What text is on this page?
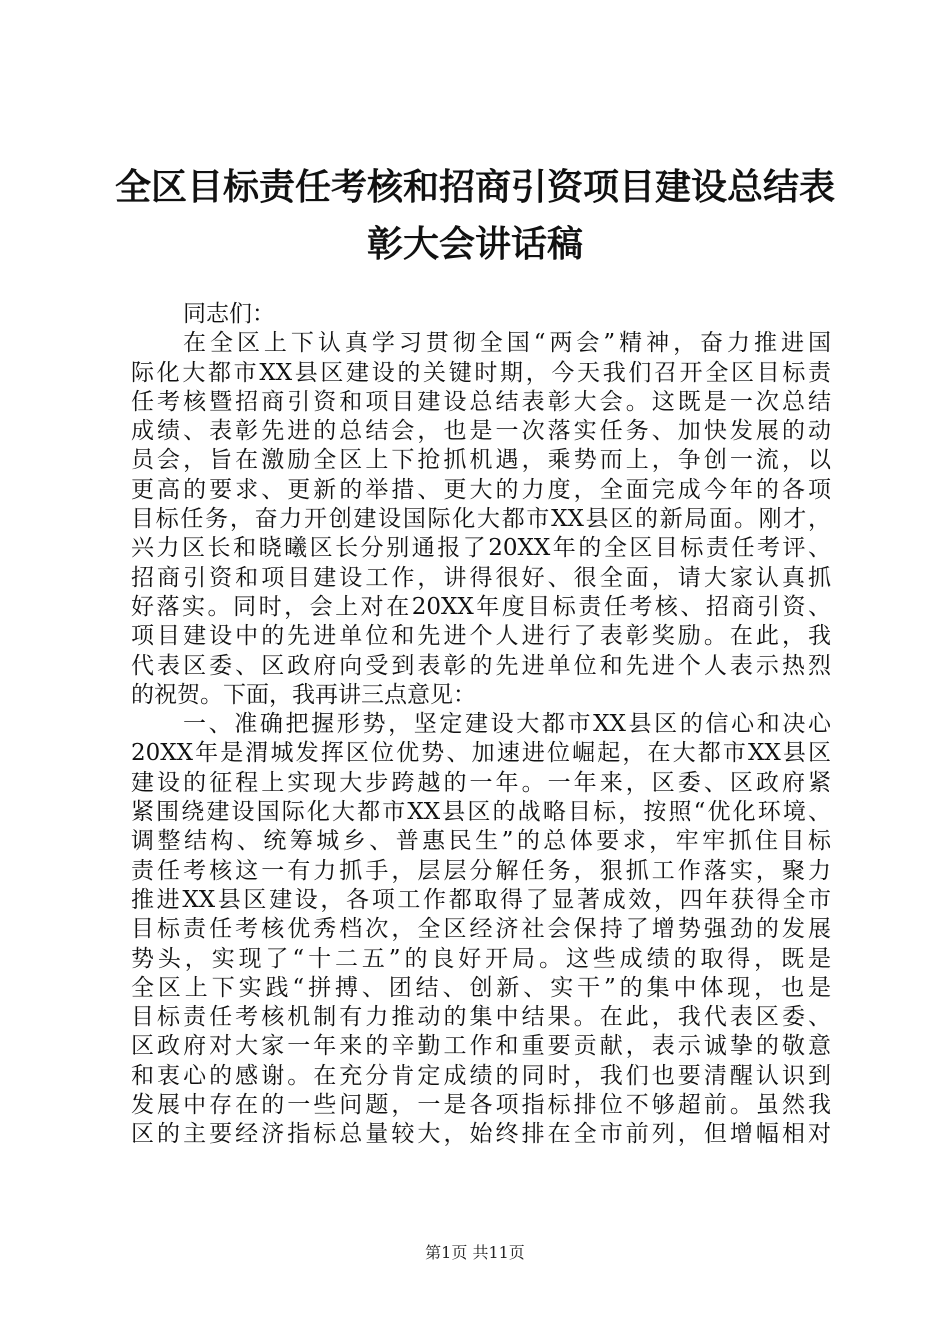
全区目标责任考核和招商引资项目建设总结表
彰大会讲话稿
同志们：
在全区上下认真学习贯彻全国“两会”精神，奋力推进国
际化大都市XX县区建设的关键时期，今天我们召开全区目标责
任考核暨招商引资和项目建设总结表彰大会。这既是一次总结
成绩、表彰先进的总结会，也是一次落实任务、加快发展的动
员会，旨在激励全区上下抢抓机遇，乘势而上，争创一流，以
更高的要求、更新的举措、更大的力度，全面完成今年的各项
目标任务，奋力开创建设国际化大都市XX县区的新局面。刚才，
兴力区长和晓曦区长分别通报了20XX年的全区目标责任考评、
招商引资和项目建设工作，讲得很好、很全面，请大家认真抓
好落实。同时，会上对在20XX年度目标责任考核、招商引资、
项目建设中的先进单位和先进个人进行了表彰奖励。在此，我
代表区委、区政府向受到表彰的先进单位和先进个人表示热烈
的祝贺。下面，我再讲三点意见：
一、准确把握形势，坚定建设大都市XX县区的信心和决心
20XX年是渭城发挥区位优势、加速进位崛起，在大都市XX县区
建设的征程上实现大步跨越的一年。一年来，区委、区政府紧
紧围绕建设国际化大都市XX县区的战略目标，按照“优化环境、
调整结构、统筹城乡、普惠民生”的总体要求，牢牢抓住目标
责任考核这一有力抓手，层层分解任务，狠抓工作落实，聚力
推进XX县区建设，各项工作都取得了显著成效，四年获得全市
目标责任考核优秀档次，全区经济社会保持了增势强劲的发展
势头，实现了“十二五”的良好开局。这些成绩的取得，既是
全区上下实践“拼搏、团结、创新、实干”的集中体现，也是
目标责任考核机制有力推动的集中结果。在此，我代表区委、
区政府对大家一年来的辛勤工作和重要贡献，表示诚挚的敬意
和衷心的感谢。在充分肯定成绩的同时，我们也要清醒认识到
发展中存在的一些问题，一是各项指标排位不够超前。虽然我
区的主要经济指标总量较大，始终排在全市前列，但增幅相对
第1页 共11页
